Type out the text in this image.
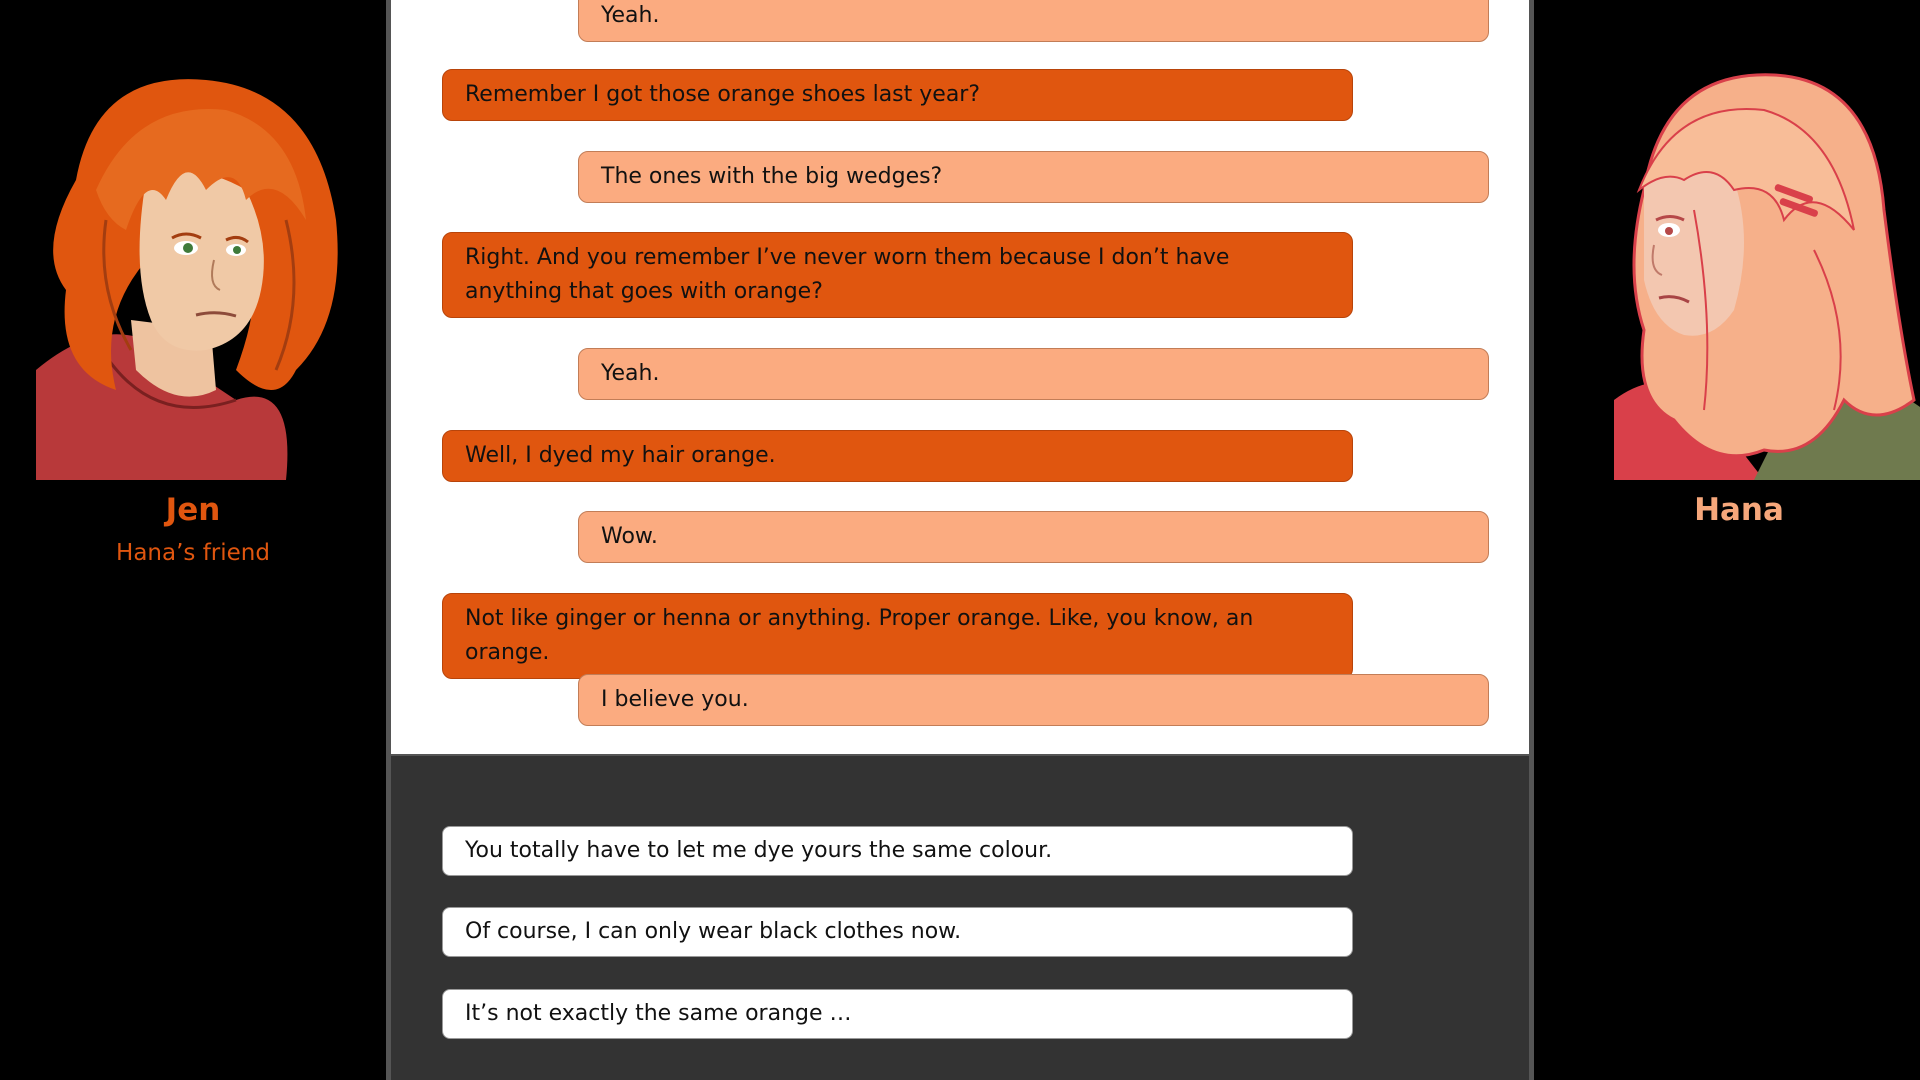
Jen
Hana’s friend
Yeah.
Remember I got those orange shoes last year?
The ones with the big wedges?
Right. And you remember I’ve never worn them because I don’t have anything that goes with orange?
Yeah.
Well, I dyed my hair orange.
Wow.
Not like ginger or henna or anything. Proper orange. Like, you know, an orange.
I believe you.
You totally have to let me dye yours the same colour.
Of course, I can only wear black clothes now.
It’s not exactly the same orange …
Hana
